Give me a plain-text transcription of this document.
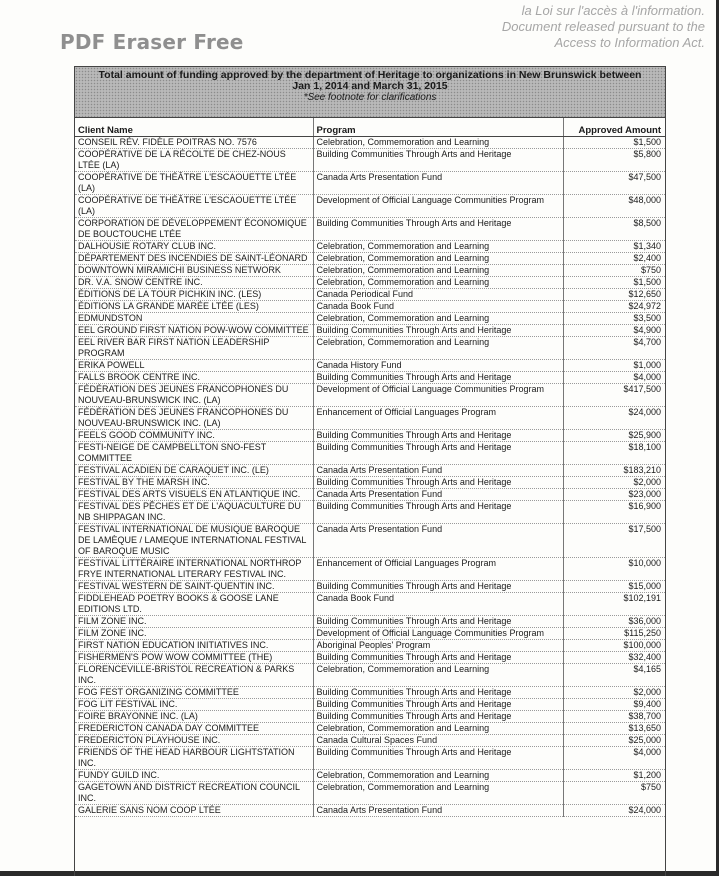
PDF Eraser Free
la Loi sur l'accès à l'information. Document released pursuant to the Access to Information Act.
Total amount of funding approved by the department of Heritage to organizations in New Brunswick between
Jan 1, 2014 and March 31, 2015
*See footnote for clarifications
Client Name	Program	Approved Amount
CONSEIL RÉV. FIDÈLE POITRAS NO. 7576	Celebration, Commemoration and Learning	$1,500

COOPÉRATIVE DE LA RÉCOLTE DE CHEZ-NOUS LTÉE (LA)	Building Communities Through Arts and Heritage	$5,800

COOPÉRATIVE DE THÉÂTRE L'ESCAOUETTE LTÉE (LA)	Canada Arts Presentation Fund	$47,500

COOPÉRATIVE DE THÉÂTRE L'ESCAOUETTE LTÉE (LA)	Development of Official Language Communities Program	$48,000

CORPORATION DE DÉVELOPPEMENT ÉCONOMIQUE DE BOUCTOUCHE LTÉE	Building Communities Through Arts and Heritage	$8,500

DALHOUSIE ROTARY CLUB INC.	Celebration, Commemoration and Learning	$1,340

DÉPARTEMENT DES INCENDIES DE SAINT-LÉONARD	Celebration, Commemoration and Learning	$2,400

DOWNTOWN MIRAMICHI BUSINESS NETWORK	Celebration, Commemoration and Learning	$750

DR. V.A. SNOW CENTRE INC.	Celebration, Commemoration and Learning	$1,500

ÉDITIONS DE LA TOUR PICHKIN INC. (LES)	Canada Periodical Fund	$12,650

ÉDITIONS LA GRANDE MARÉE LTÉE (LES)	Canada Book Fund	$24,972

EDMUNDSTON	Celebration, Commemoration and Learning	$3,500

EEL GROUND FIRST NATION POW-WOW COMMITTEE	Building Communities Through Arts and Heritage	$4,900

EEL RIVER BAR FIRST NATION LEADERSHIP PROGRAM	Celebration, Commemoration and Learning	$4,700

ERIKA POWELL	Canada History Fund	$1,000

FALLS BROOK CENTRE INC.	Building Communities Through Arts and Heritage	$4,000

FÉDÉRATION DES JEUNES FRANCOPHONES DU NOUVEAU-BRUNSWICK INC. (LA)	Development of Official Language Communities Program	$417,500

FÉDÉRATION DES JEUNES FRANCOPHONES DU NOUVEAU-BRUNSWICK INC. (LA)	Enhancement of Official Languages Program	$24,000

FEELS GOOD COMMUNITY INC.	Building Communities Through Arts and Heritage	$25,900

FESTI-NEIGE DE CAMPBELLTON SNO-FEST COMMITTEE	Building Communities Through Arts and Heritage	$18,100

FESTIVAL ACADIEN DE CARAQUET INC. (LE)	Canada Arts Presentation Fund	$183,210

FESTIVAL BY THE MARSH INC.	Building Communities Through Arts and Heritage	$2,000

FESTIVAL DES ARTS VISUELS EN ATLANTIQUE INC.	Canada Arts Presentation Fund	$23,000

FESTIVAL DES PÊCHES ET DE L'AQUACULTURE DU NB SHIPPAGAN INC.	Building Communities Through Arts and Heritage	$16,900

FESTIVAL INTERNATIONAL DE MUSIQUE BAROQUE DE LAMÈQUE / LAMEQUE INTERNATIONAL FESTIVAL OF BAROQUE MUSIC	Canada Arts Presentation Fund	$17,500

FESTIVAL LITTÉRAIRE INTERNATIONAL NORTHROP FRYE INTERNATIONAL LITERARY FESTIVAL INC.	Enhancement of Official Languages Program	$10,000

FESTIVAL WESTERN DE SAINT-QUENTIN INC.	Building Communities Through Arts and Heritage	$15,000

FIDDLEHEAD POETRY BOOKS & GOOSE LANE EDITIONS LTD.	Canada Book Fund	$102,191

FILM ZONE INC.	Building Communities Through Arts and Heritage	$36,000

FILM ZONE INC.	Development of Official Language Communities Program	$115,250

FIRST NATION EDUCATION INITIATIVES INC.	Aboriginal Peoples' Program	$100,000

FISHERMEN'S POW WOW COMMITTEE (THE)	Building Communities Through Arts and Heritage	$32,400

FLORENCEVILLE-BRISTOL RECREATION & PARKS INC.	Celebration, Commemoration and Learning	$4,165

FOG FEST ORGANIZING COMMITTEE	Building Communities Through Arts and Heritage	$2,000

FOG LIT FESTIVAL INC.	Building Communities Through Arts and Heritage	$9,400

FOIRE BRAYONNE INC. (LA)	Building Communities Through Arts and Heritage	$38,700

FREDERICTON CANADA DAY COMMITTEE	Celebration, Commemoration and Learning	$13,650

FREDERICTON PLAYHOUSE INC.	Canada Cultural Spaces Fund	$25,000

FRIENDS OF THE HEAD HARBOUR LIGHTSTATION INC.	Building Communities Through Arts and Heritage	$4,000

FUNDY GUILD INC.	Celebration, Commemoration and Learning	$1,200

GAGETOWN AND DISTRICT RECREATION COUNCIL INC.	Celebration, Commemoration and Learning	$750

GALERIE SANS NOM COOP LTÉE	Canada Arts Presentation Fund	$24,000
